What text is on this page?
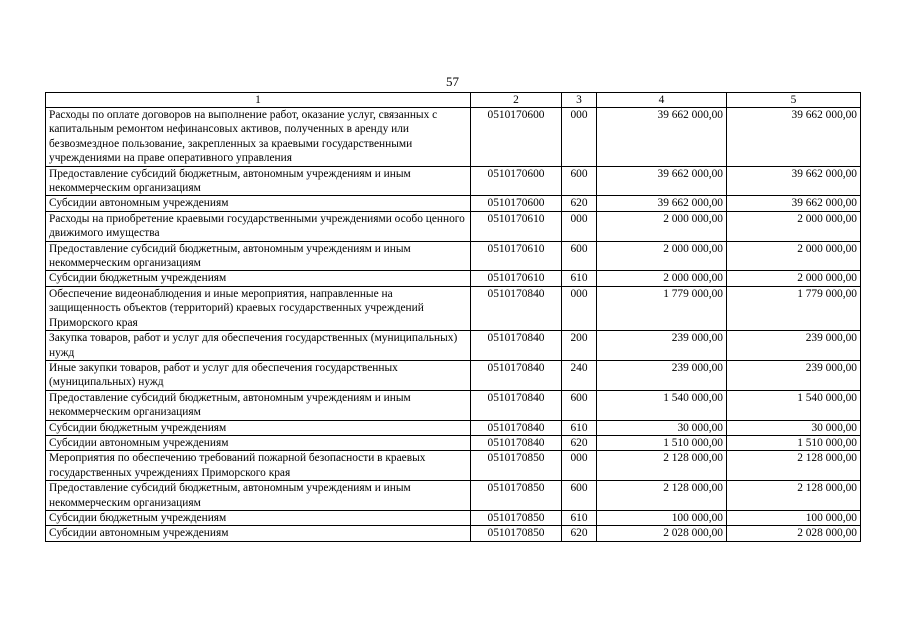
57
1	2	3	4	5
Расходы по оплате договоров на выполнение работ, оказание услуг, связанных с капитальным ремонтом нефинансовых активов, полученных в аренду или безвозмездное пользование, закрепленных за краевыми государственными учреждениями на праве оперативного управления	0510170600	000	39 662 000,00	39 662 000,00
Предоставление субсидий бюджетным, автономным учреждениям и иным некоммерческим организациям	0510170600	600	39 662 000,00	39 662 000,00
Субсидии автономным учреждениям	0510170600	620	39 662 000,00	39 662 000,00
Расходы на приобретение краевыми государственными учреждениями особо ценного движимого имущества	0510170610	000	2 000 000,00	2 000 000,00
Предоставление субсидий бюджетным, автономным учреждениям и иным некоммерческим организациям	0510170610	600	2 000 000,00	2 000 000,00
Субсидии бюджетным учреждениям	0510170610	610	2 000 000,00	2 000 000,00
Обеспечение видеонаблюдения и иные мероприятия, направленные на защищенность объектов (территорий) краевых государственных учреждений Приморского края	0510170840	000	1 779 000,00	1 779 000,00
Закупка товаров, работ и услуг для обеспечения государственных (муниципальных) нужд	0510170840	200	239 000,00	239 000,00
Иные закупки товаров, работ и услуг для обеспечения государственных (муниципальных) нужд	0510170840	240	239 000,00	239 000,00
Предоставление субсидий бюджетным, автономным учреждениям и иным некоммерческим организациям	0510170840	600	1 540 000,00	1 540 000,00
Субсидии бюджетным учреждениям	0510170840	610	30 000,00	30 000,00
Субсидии автономным учреждениям	0510170840	620	1 510 000,00	1 510 000,00
Мероприятия по обеспечению требований пожарной безопасности в краевых государственных учреждениях Приморского края	0510170850	000	2 128 000,00	2 128 000,00
Предоставление субсидий бюджетным, автономным учреждениям и иным некоммерческим организациям	0510170850	600	2 128 000,00	2 128 000,00
Субсидии бюджетным учреждениям	0510170850	610	100 000,00	100 000,00
Субсидии автономным учреждениям	0510170850	620	2 028 000,00	2 028 000,00
